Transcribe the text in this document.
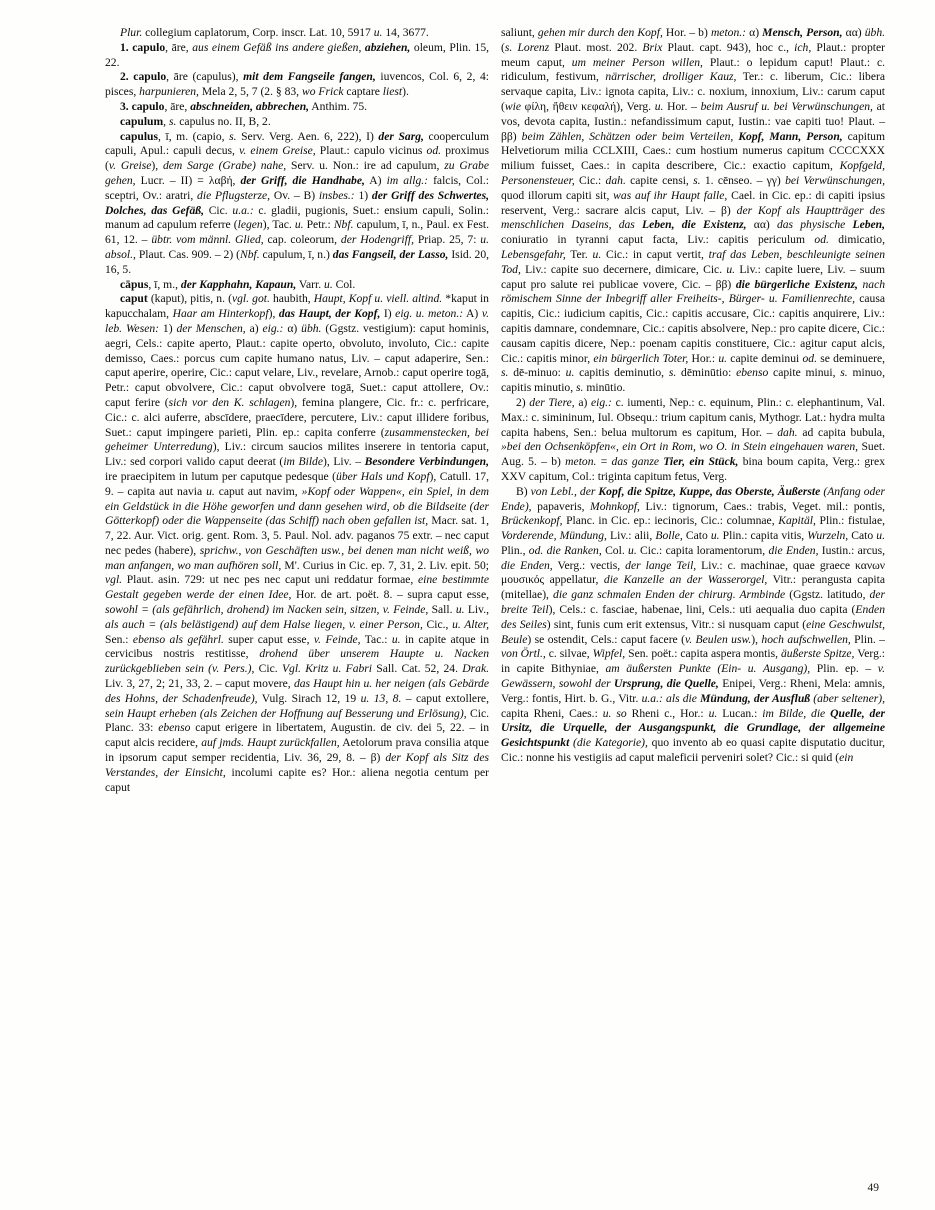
Plur. collegium caplatorum, Corp. inscr. Lat. 10, 5917 u. 14, 3677.

1. capulo, āre, aus einem Gefäß ins andere gießen, abziehen, oleum, Plin. 15, 22.

2. capulo, āre (capulus), mit dem Fangseile fangen, iuvencos, Col. 6, 2, 4: pisces, harpunieren, Mela 2, 5, 7 (2. § 83, wo Frick captare liest).

3. capulo, āre, abschneiden, abbrechen, Anthim. 75.

capulum, s. capulus no. II, B, 2.

capulus, ī, m. (capio, s. Serv. Verg. Aen. 6, 222), I) der Sarg, cooperculum capuli, Apul.: capuli decus, v. einem Greise, Plaut.: capulo vicinus od. proximus (v. Greise), dem Sarge (Grabe) nahe, Serv. u. Non.: ire ad capulum, zu Grabe gehen, Lucr. – II) = λαβή, der Griff, die Handhabe, A) im allg.: falcis, Col.: sceptri, Ov.: aratri, die Pflugsterze, Ov. – B) insbes.: 1) der Griff des Schwertes, Dolches, das Gefäß, Cic. u.a.: c. gladii, pugionis, Suet.: ensium capuli, Solin.: manum ad capulum referre (legen), Tac. u. Petr.: Nbf. capulum, ī, n., Paul. ex Fest. 61, 12. – übtr. vom männl. Glied, cap. coleorum, der Hodengriff, Priap. 25, 7: u. absol., Plaut. Cas. 909. – 2) (Nbf. capulum, ī, n.) das Fangseil, der Lasso, Isid. 20, 16, 5.

cāpus, ī, m., der Kapphahn, Kapaun, Varr. u. Col.

caput (kaput), pitis, n. (vgl. got. haubith, Haupt, Kopf u. viell. altind. *kaput in kapucchalam, Haar am Hinterkopf), das Haupt, der Kopf, I) eig. u. meton.: A) v. leb. Wesen: 1) der Menschen, a) eig.: α) übh. (Ggstz. vestigium): caput hominis, aegri, Cels.: capite aperto, Plaut.: capite operto, obvoluto, involuto, Cic.: capite demisso, Caes.: porcus cum capite humano natus, Liv. – caput adaperire, Sen.: caput aperire, operire, Cic.: caput velare, Liv., revelare, Arnob.: caput operire togā, Petr.: caput obvolvere, Cic.: caput obvolvere togā, Suet.: caput attollere, Ov.: caput ferire (sich vor den K. schlagen), femina plangere, Cic. fr.: c. perfricare, Cic.: c. alci auferre, abscīdere, praecīdere, percutere, Liv.: caput illidere foribus, Suet.: caput impingere parieti, Plin. ep.: capita conferre (zusammenstecken, bei geheimer Unterredung), Liv.: circum saucios milites inserere in tentoria caput, Liv.: sed corpori valido caput deerat (im Bilde), Liv. – Besondere Verbindungen, ire praecipitem in lutum per caputque pedesque (über Hals und Kopf), Catull. 17, 9. – capita aut navia u. caput aut navim, »Kopf oder Wappen«, ein Spiel, in dem ein Geldstück in die Höhe geworfen und dann gesehen wird, ob die Bildseite (der Götterkopf) oder die Wappenseite (das Schiff) nach oben gefallen ist, Macr. sat. 1, 7, 22. Aur. Vict. orig. gent. Rom. 3, 5. Paul. Nol. adv. paganos 75 extr. – nec caput nec pedes (habere), sprichw., von Geschäften usw., bei denen man nicht weiß, wo man anfangen, wo man aufhören soll, M'. Curius in Cic. ep. 7, 31, 2. Liv. epit. 50; vgl. Plaut. asin. 729: ut nec pes nec caput uni reddatur formae, eine bestimmte Gestalt gegeben werde der einen Idee, Hor. de art. poët. 8. – supra caput esse, sowohl = (als gefährlich, drohend) im Nacken sein, sitzen, v. Feinde, Sall. u. Liv., als auch = (als belästigend) auf dem Halse liegen, v. einer Person, Cic., u. Alter, Sen.: ebenso als gefährl. super caput esse, v. Feinde, Tac.: u. in capite atque in cervicibus nostris restitisse, drohend über unserem Haupte u. Nacken zurückgeblieben sein (v. Pers.), Cic. Vgl. Kritz u. Fabri Sall. Cat. 52, 24. Drak. Liv. 3, 27, 2; 21, 33, 2. – caput movere, das Haupt hin u. her neigen (als Gebärde des Hohns, der Schadenfreude), Vulg. Sirach 12, 19 u. 13, 8. – caput extollere, sein Haupt erheben (als Zeichen der Hoffnung auf Besserung und Erlösung), Cic. Planc. 33: ebenso caput erigere in libertatem, Augustin. de civ. dei 5, 22. – in caput alcis recidere, auf jmds. Haupt zurückfallen, Aetolorum prava consilia atque in ipsorum caput semper recidentia, Liv. 36, 29, 8. – β) der Kopf als Sitz des Verstandes, der Einsicht, incolumi capite es? Hor.: aliena negotia centum per caput

saliunt, gehen mir durch den Kopf, Hor. – b) meton.: α) Mensch, Person, αα) übh. (s. Lorenz Plaut. most. 202. Brix Plaut. capt. 943), hoc c., ich, Plaut.: propter meum caput, um meiner Person willen, Plaut.: o lepidum caput! Plaut.: c. ridiculum, festivum, närrischer, drolliger Kauz, Ter.: c. liberum, Cic.: libera servaque capita, Liv.: ignota capita, Liv.: c. noxium, innoxium, Liv.: carum caput (wie φίλη, ἤθειν κεφαλή), Verg. u. Hor. – beim Ausruf u. bei Verwünschungen, at vos, devota capita, Iustin.: nefandissimum caput, Iustin.: vae capiti tuo! Plaut. – ββ) beim Zählen, Schätzen oder beim Verteilen, Kopf, Mann, Person, capitum Helvetiorum milia CCLXIII, Caes.: cum hostium numerus capitum CCCCXXX milium fuisset, Caes.: in capita describere, Cic.: exactio capitum, Kopfgeld, Personensteuer, Cic.: dah. capite censi, s. 1. cēnseo. – γγ) bei Verwünschungen, quod illorum capiti sit, was auf ihr Haupt falle, Cael. in Cic. ep.: di capiti ipsius reservent, Verg.: sacrare alcis caput, Liv. – β) der Kopf als Hauptträger des menschlichen Daseins, das Leben, die Existenz, αα) das physische Leben, coniuratio in tyranni caput facta, Liv.: capitis periculum od. dimicatio, Lebensgefahr, Ter. u. Cic.: in caput vertit, traf das Leben, beschleunigte seinen Tod, Liv.: capite suo decernere, dimicare, Cic. u. Liv.: capite luere, Liv. – suum caput pro salute rei publicae vovere, Cic. – ββ) die bürgerliche Existenz, nach römischem Sinne der Inbegriff aller Freiheits-, Bürger- u. Familienrechte, causa capitis, Cic.: iudicium capitis, Cic.: capitis accusare, Cic.: capitis anquirere, Liv.: capitis damnare, condemnare, Cic.: capitis absolvere, Nep.: pro capite dicere, Cic.: causam capitis dicere, Nep.: poenam capitis constituere, Cic.: agitur caput alcis, Cic.: capitis minor, ein bürgerlich Toter, Hor.: u. capite deminui od. se deminuere, s. dē-minuo: u. capitis deminutio, s. dēminūtio: ebenso capite minui, s. minuo, capitis minutio, s. minūtio.

2) der Tiere, a) eig.: c. iumenti, Nep.: c. equinum, Plin.: c. elephantinum, Val. Max.: c. simininum, Iul. Obsequ.: trium capitum canis, Mythogr. Lat.: hydra multa capita habens, Sen.: belua multorum es capitum, Hor. – dah. ad capita bubula, »bei den Ochsenköpfen«, ein Ort in Rom, wo O. in Stein eingehauen waren, Suet. Aug. 5. – b) meton. = das ganze Tier, ein Stück, bina boum capita, Verg.: grex XXV capitum, Col.: triginta capitum fetus, Verg.

B) von Lebl., der Kopf, die Spitze, Kuppe, das Oberste, Äußerste (Anfang oder Ende), papaveris, Mohnkopf, Liv.: tignorum, Caes.: trabis, Veget. mil.: pontis, Brückenkopf, Planc. in Cic. ep.: iecinoris, Cic.: columnae, Kapitäl, Plin.: fistulae, Vorderende, Mündung, Liv.: alii, Bolle, Cato u. Plin.: capita vitis, Wurzeln, Cato u. Plin., od. die Ranken, Col. u. Cic.: capita loramentorum, die Enden, Iustin.: arcus, die Enden, Verg.: vectis, der lange Teil, Liv.: c. machinae, quae graece κανων μουσικός appellatur, die Kanzelle an der Wasserorgel, Vitr.: perangusta capita (mitellae), die ganz schmalen Enden der chirurg. Armbinde (Ggstz. latitudo, der breite Teil), Cels.: c. fasciae, habenae, lini, Cels.: uti aequalia duo capita (Enden des Seiles) sint, funis cum erit extensus, Vitr.: si nusquam caput (eine Geschwulst, Beule) se ostendit, Cels.: caput facere (v. Beulen usw.), hoch aufschwellen, Plin. – von Örtl., c. silvae, Wipfel, Sen. poët.: capita aspera montis, äußerste Spitze, Verg.: in capite Bithyniae, am äußersten Punkte (Ein- u. Ausgang), Plin. ep. – v. Gewässern, sowohl der Ursprung, die Quelle, Enipei, Verg.: Rheni, Mela: amnis, Verg.: fontis, Hirt. b. G., Vitr. u.a.: als die Mündung, der Ausfluß (aber seltener), capita Rheni, Caes.: u. so Rheni c., Hor.: u. Lucan.: im Bilde, die Quelle, der Ursitz, die Urquelle, der Ausgangspunkt, die Grundlage, der allgemeine Gesichtspunkt (die Kategorie), quo invento ab eo quasi capite disputatio ducitur, Cic.: nonne his vestigiis ad caput maleficii perveniri solet? Cic.: si quid (ein

49
